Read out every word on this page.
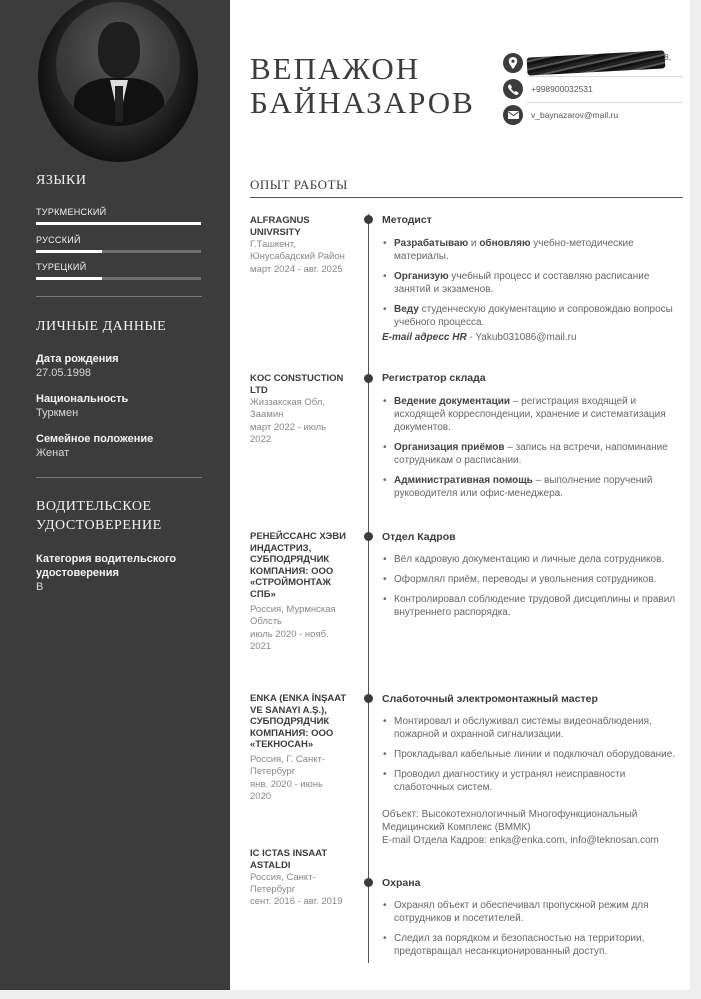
ЯЗЫКИ
ТУРКМЕНСКИЙ
РУССКИЙ
ТУРЕЦКИЙ
ЛИЧНЫЕ ДАННЫЕ
Дата рождения
27.05.1998
Национальность
Туркмен
Семейное положение
Женат
ВОДИТЕЛЬСКОЕ
УДОСТОВЕРЕНИЕ
Категория водительского
удостоверения
В
ВЕПАЖОН
БАЙНАЗАРОВ
8,
+998900032531
v_baynazarov@mail.ru
ОПЫТ РАБОТЫ
ALFRAGNUS
UNIVRSITY
Г.Ташкент,
Юнусабадский Район
март 2024 - авг. 2025
Методист
• Разрабатываю и обновляю учебно-методические материалы.
• Организую учебный процесс и составляю расписание занятий и экзаменов.
• Веду студенческую документацию и сопровождаю вопросы учебного процесса.
E-mail адресс HR - Yakub031086@mail.ru
KOC CONSTUCTION
LTD
Жиззакская Обл,
Заамин
март 2022 - июль
2022
Регистратор склада
• Ведение документации – регистрация входящей и исходящей корреспонденции, хранение и систематизация документов.
• Организация приёмов – запись на встречи, напоминание сотрудникам о расписании.
• Административная помощь – выполнение поручений руководителя или офис-менеджера.
РЕНЕЙССАНС ХЭВИ
ИНДАСТРИЗ,
СУБПОДРЯДЧИК
КОМПАНИЯ: ООО
«СТРОЙМОНТАЖ
СПБ»
Россия, Мурмнская
Облсть
июль 2020 - нояб.
2021
Отдел Кадров
• Вёл кадровую документацию и личные дела сотрудников.
• Оформлял приём, переводы и увольнения сотрудников.
• Контролировал соблюдение трудовой дисциплины и правил внутреннего распорядка.
ENKA (ENKA İNŞAAT
VE SANAYI A.Ş.),
СУБПОДРЯДЧИК
КОМПАНИЯ: ООО
«ТЕКНОСАН»
Россия, Г. Санкт-
Петербург
янв. 2020 - июнь
2020
Слаботочный электромонтажный мастер
• Монтировал и обслуживал системы видеонаблюдения, пожарной и охранной сигнализации.
• Прокладывал кабельные линии и подключал оборудование.
• Проводил диагностику и устранял неисправности слаботочных систем.
Объект: Высокотехнологичный Многофункциональный
Медицинский Комплекс (ВММК)
E-mail Отдела Кадров: enka@enka.com, info@teknosan.com
IC ICTAS INSAAT
ASTALDI
Россия, Санкт-
Петербург
сент. 2016 - авг. 2019
Охрана
• Охранял объект и обеспечивал пропускной режим для сотрудников и посетителей.
• Следил за порядком и безопасностью на территории, предотвращал несанкционированный доступ.
